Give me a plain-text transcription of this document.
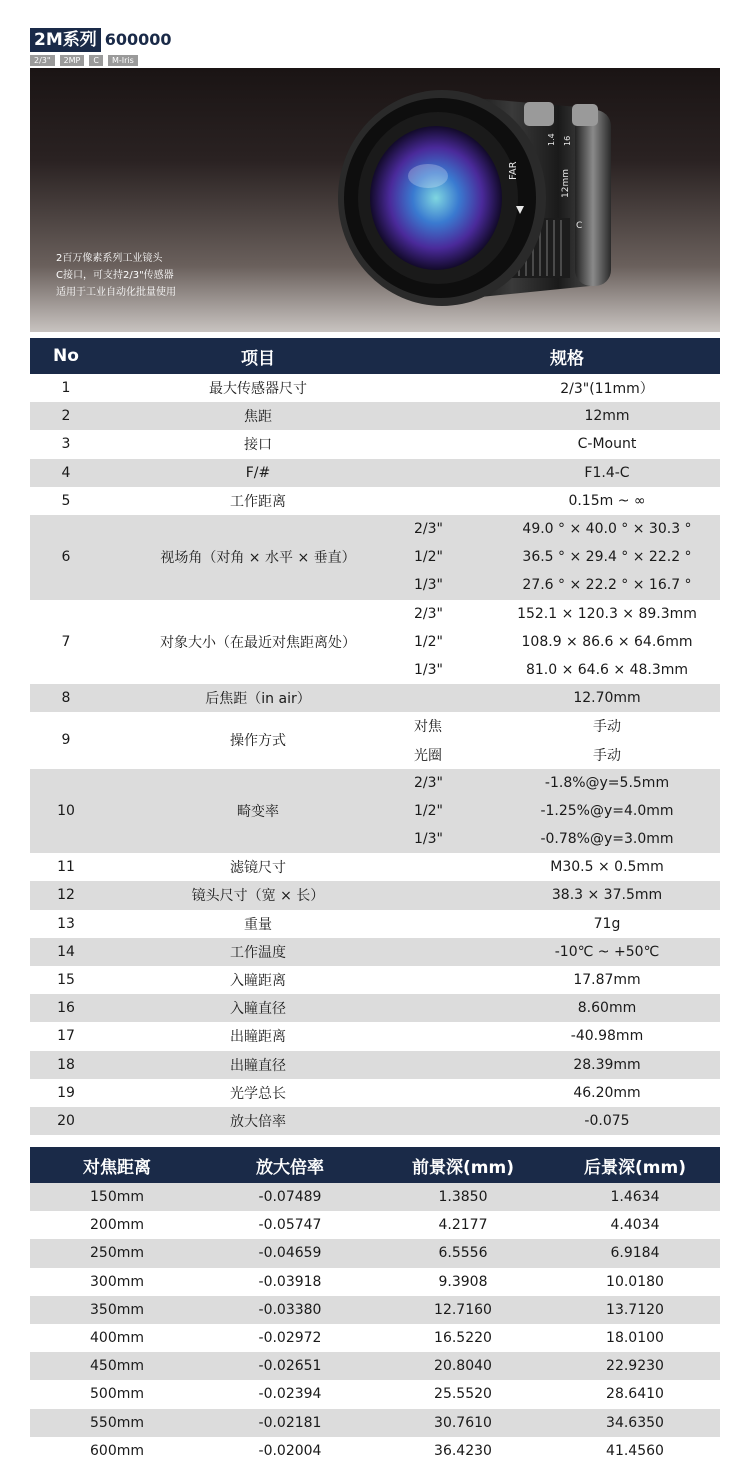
2M系列 600000
2/3"	2MP	C	M-Iris
FAR	12mm
C
16
1.4
2百万像素系列工业镜头
C接口，可支持2/3"传感器
适用于工业自动化批量使用
No	项目	规格	
1	最大传感器尺寸		2/3"(11mm）
2	焦距		12mm
3	接口		C-Mount
4	F/#		F1.4-C
5	工作距离		0.15m ~ ∞
6	视场角（对角 × 水平 × 垂直）	2/3"	49.0 ° × 40.0 ° × 30.3 °
		1/2"	36.5 ° × 29.4 ° × 22.2 °
		1/3"	27.6 ° × 22.2 ° × 16.7 °
7	对象大小（在最近对焦距离处）	2/3"	152.1 × 120.3 × 89.3mm
		1/2"	108.9 × 86.6 × 64.6mm
		1/3"	81.0 × 64.6 × 48.3mm
8	后焦距（in air）		12.70mm
9	操作方式	对焦	手动
		光圈	手动
10	畸变率	2/3"	-1.8%@y=5.5mm
		1/2"	-1.25%@y=4.0mm
		1/3"	-0.78%@y=3.0mm
11	滤镜尺寸		M30.5 × 0.5mm
12	镜头尺寸（宽 × 长）		38.3 × 37.5mm
13	重量		71g
14	工作温度		-10℃ ~ +50℃
15	入瞳距离		17.87mm
16	入瞳直径		8.60mm
17	出瞳距离		-40.98mm
18	出瞳直径		28.39mm
19	光学总长		46.20mm
20	放大倍率		-0.075
对焦距离	放大倍率	前景深(mm)	后景深(mm)
150mm	-0.07489	1.3850	1.4634
200mm	-0.05747	4.2177	4.4034
250mm	-0.04659	6.5556	6.9184
300mm	-0.03918	9.3908	10.0180
350mm	-0.03380	12.7160	13.7120
400mm	-0.02972	16.5220	18.0100
450mm	-0.02651	20.8040	22.9230
500mm	-0.02394	25.5520	28.6410
550mm	-0.02181	30.7610	34.6350
600mm	-0.02004	36.4230	41.4560
